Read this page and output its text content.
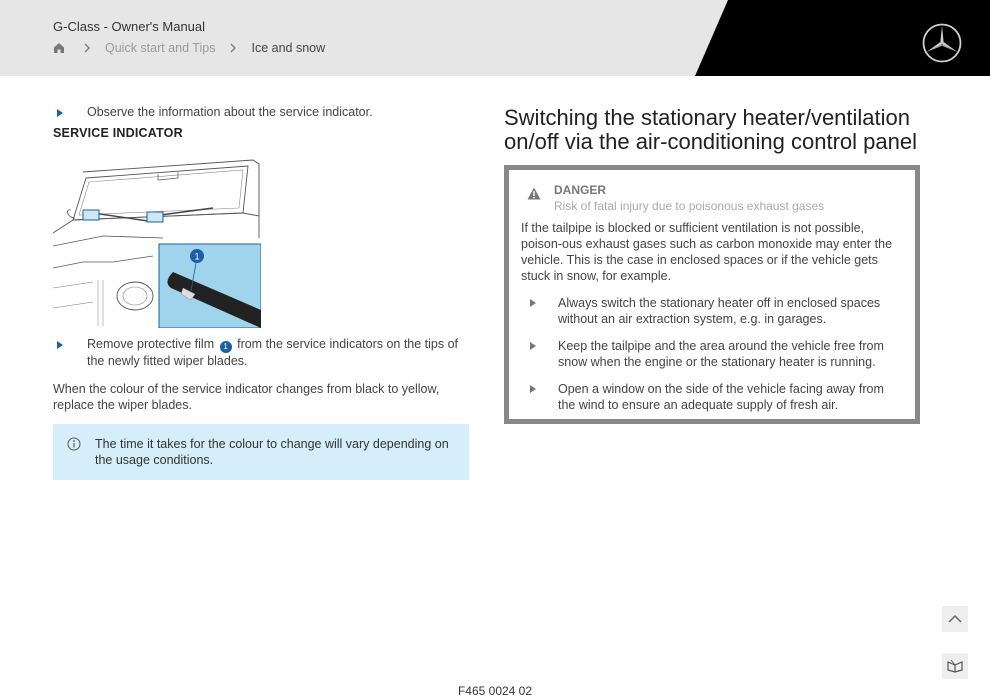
G-Class - Owner's Manual
Quick start and Tips	Ice and snow
Observe the information about the service indicator.
SERVICE INDICATOR
1
Remove protective film 1 from the service indicators on the tips of the newly fitted wiper blades.
When the colour of the service indicator changes from black to yellow, replace the wiper blades.
The time it takes for the colour to change will vary depending on the usage conditions.
Switching the stationary heater/ventilation on/off via the air-conditioning control panel
DANGER
Risk of fatal injury due to poisonous exhaust gases
If the tailpipe is blocked or sufficient ventilation is not possible, poison-ous exhaust gases such as carbon monoxide may enter the vehicle. This is the case in enclosed spaces or if the vehicle gets stuck in snow, for example.
Always switch the stationary heater off in enclosed spaces without an air extraction system, e.g. in garages.
Keep the tailpipe and the area around the vehicle free from snow when the engine or the stationary heater is running.
Open a window on the side of the vehicle facing away from the wind to ensure an adequate supply of fresh air.
F465 0024 02
